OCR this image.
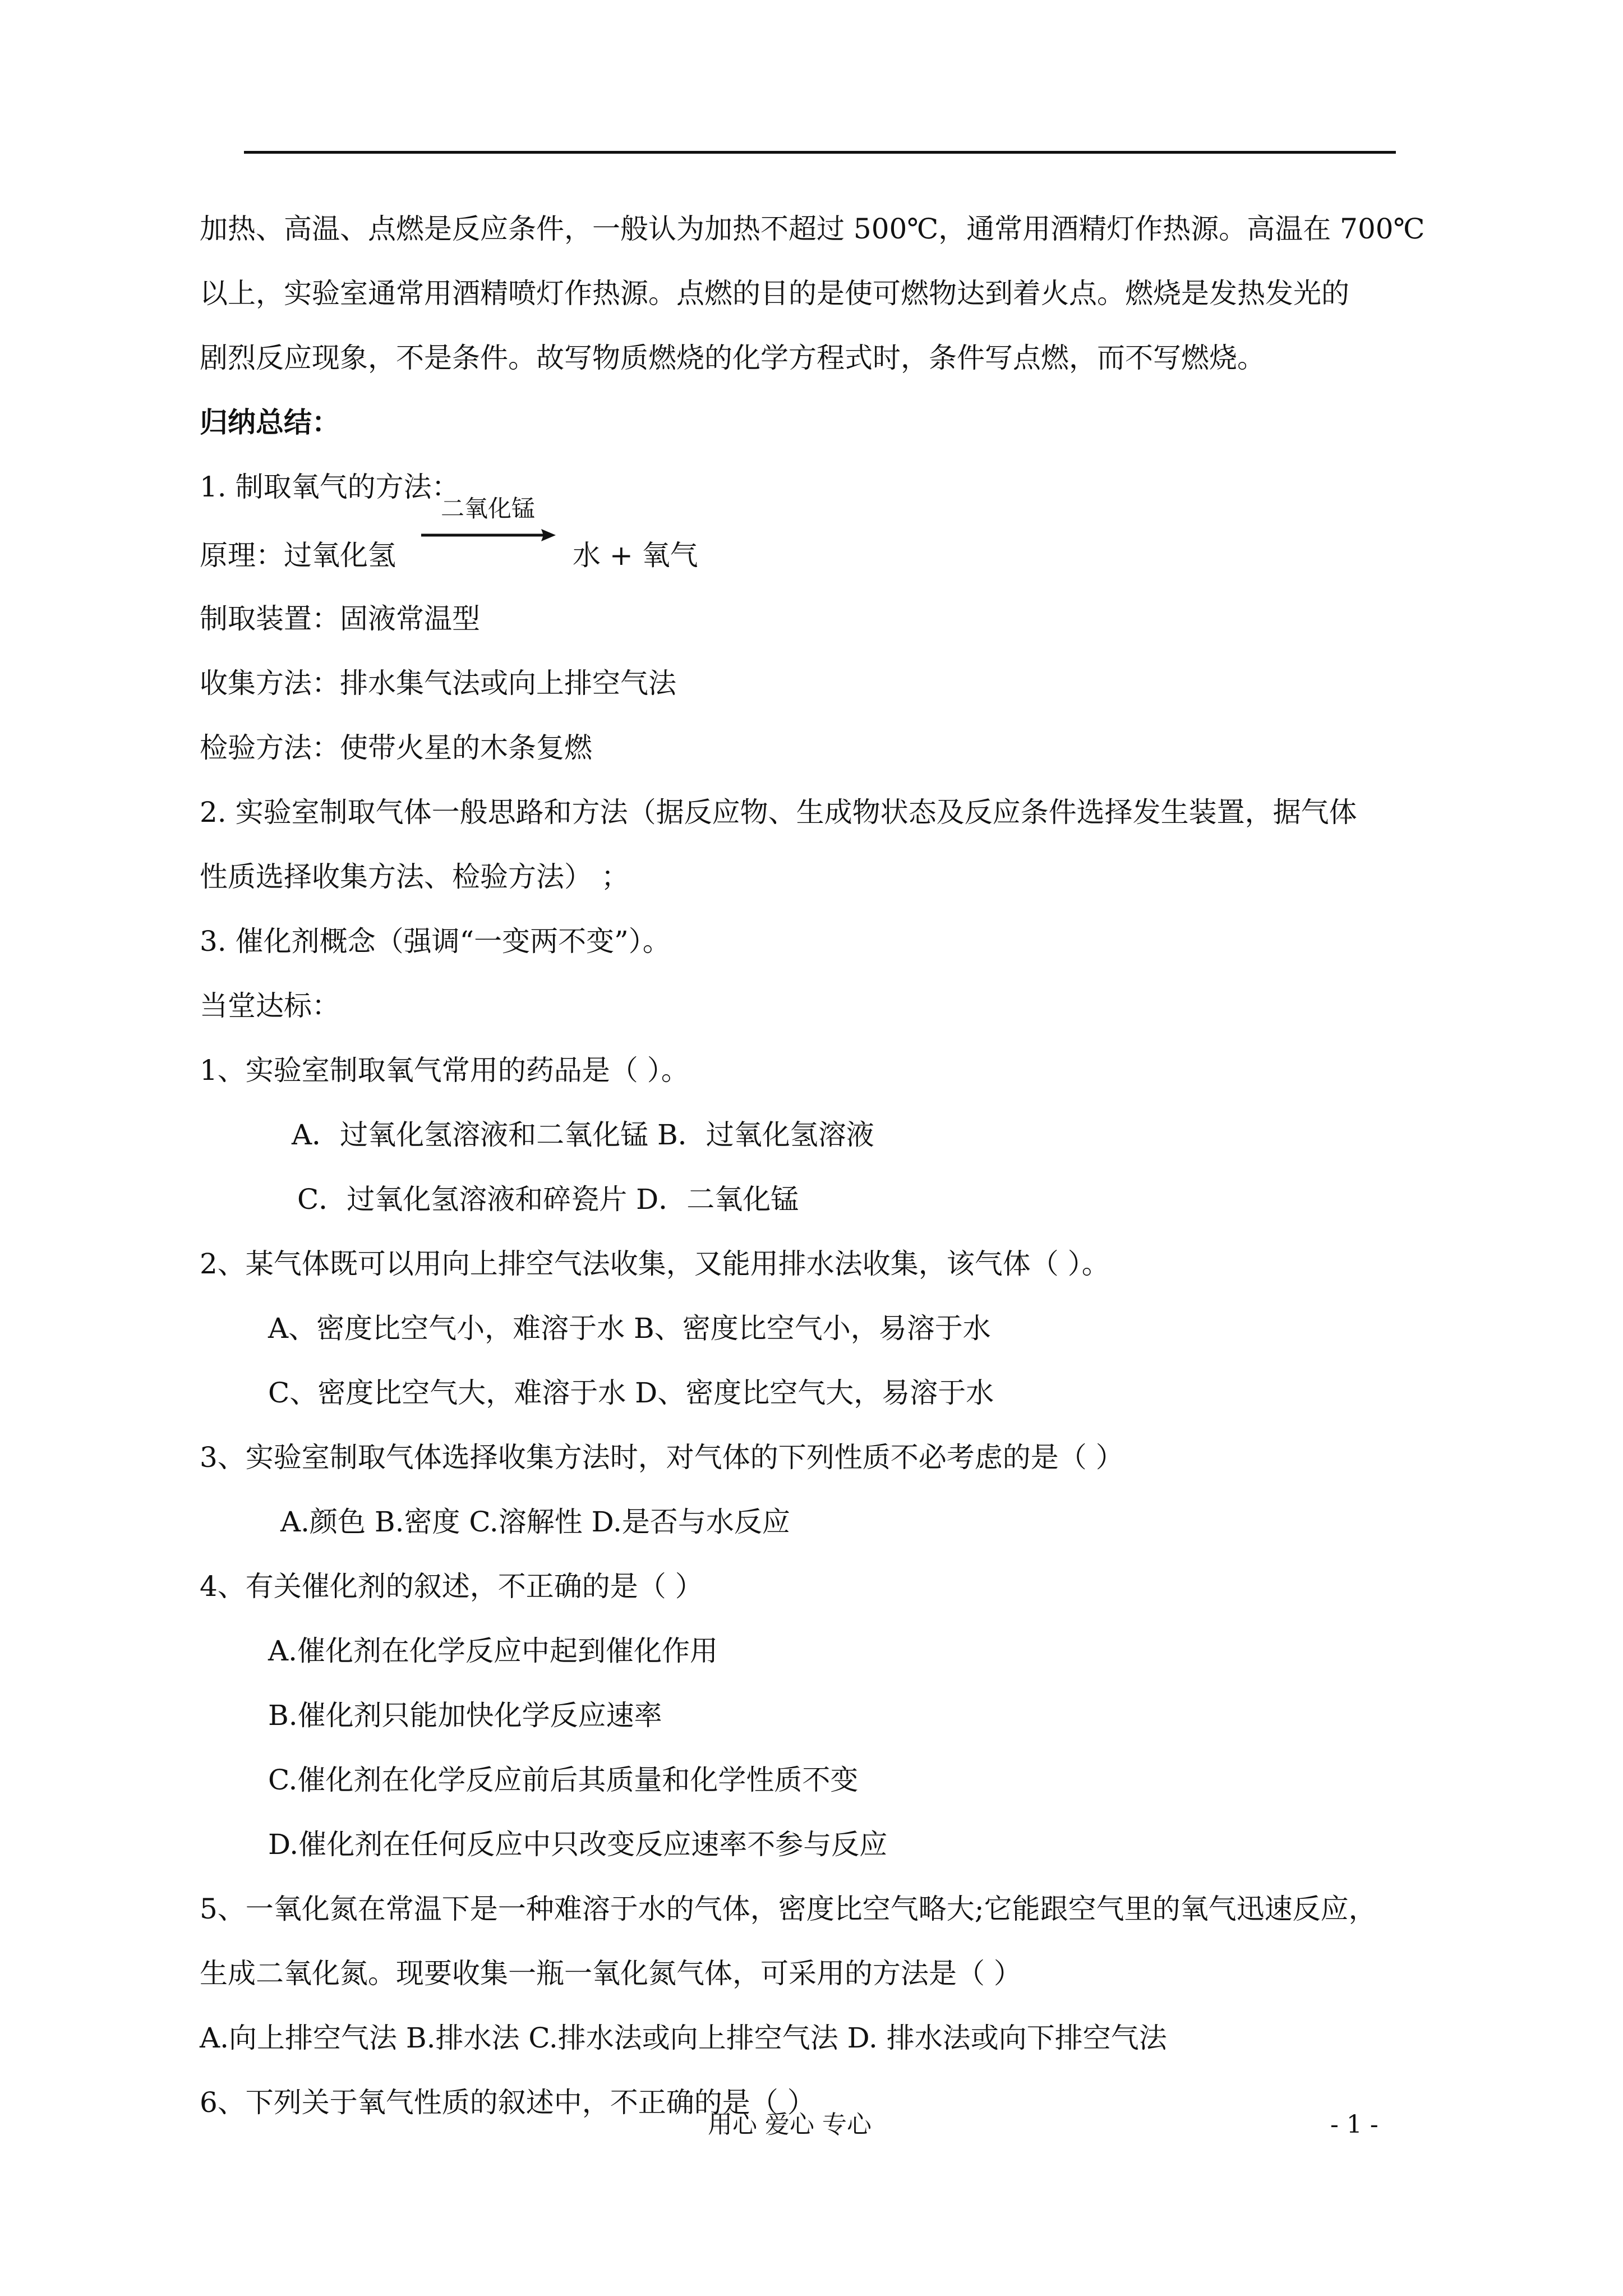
加热、高温、点燃是反应条件，一般认为加热不超过 500℃，通常用酒精灯作热源。高温在 700℃
以上，实验室通常用酒精喷灯作热源。点燃的目的是使可燃物达到着火点。燃烧是发热发光的
剧烈反应现象，不是条件。故写物质燃烧的化学方程式时，条件写点燃，而不写燃烧。
归纳总结：
1. 制取氧气的方法：
原理：过氧化氢
二氧化锰
水 + 氧气
制取装置：固液常温型
收集方法：排水集气法或向上排空气法
检验方法：使带火星的木条复燃
2. 实验室制取气体一般思路和方法（据反应物、生成物状态及反应条件选择发生装置，据气体
性质选择收集方法、检验方法） ；
3. 催化剂概念（强调“一变两不变”）。
当堂达标：
1、实验室制取氧气常用的药品是（ ）。
A．过氧化氢溶液和二氧化锰 B．过氧化氢溶液
C．过氧化氢溶液和碎瓷片 D．二氧化锰
2、某气体既可以用向上排空气法收集，又能用排水法收集，该气体（ ）。
A、密度比空气小，难溶于水 B、密度比空气小，易溶于水
C、密度比空气大，难溶于水 D、密度比空气大，易溶于水
3、实验室制取气体选择收集方法时，对气体的下列性质不必考虑的是（ ）
A.颜色 B.密度 C.溶解性 D.是否与水反应
4、有关催化剂的叙述，不正确的是（ ）
A.催化剂在化学反应中起到催化作用
B.催化剂只能加快化学反应速率
C.催化剂在化学反应前后其质量和化学性质不变
D.催化剂在任何反应中只改变反应速率不参与反应
5、一氧化氮在常温下是一种难溶于水的气体，密度比空气略大;它能跟空气里的氧气迅速反应，
生成二氧化氮。现要收集一瓶一氧化氮气体，可采用的方法是（ ）
A.向上排空气法 B.排水法 C.排水法或向上排空气法 D. 排水法或向下排空气法
6、下列关于氧气性质的叙述中，不正确的是（ ）
用心 爱心 专心	- 1 -
